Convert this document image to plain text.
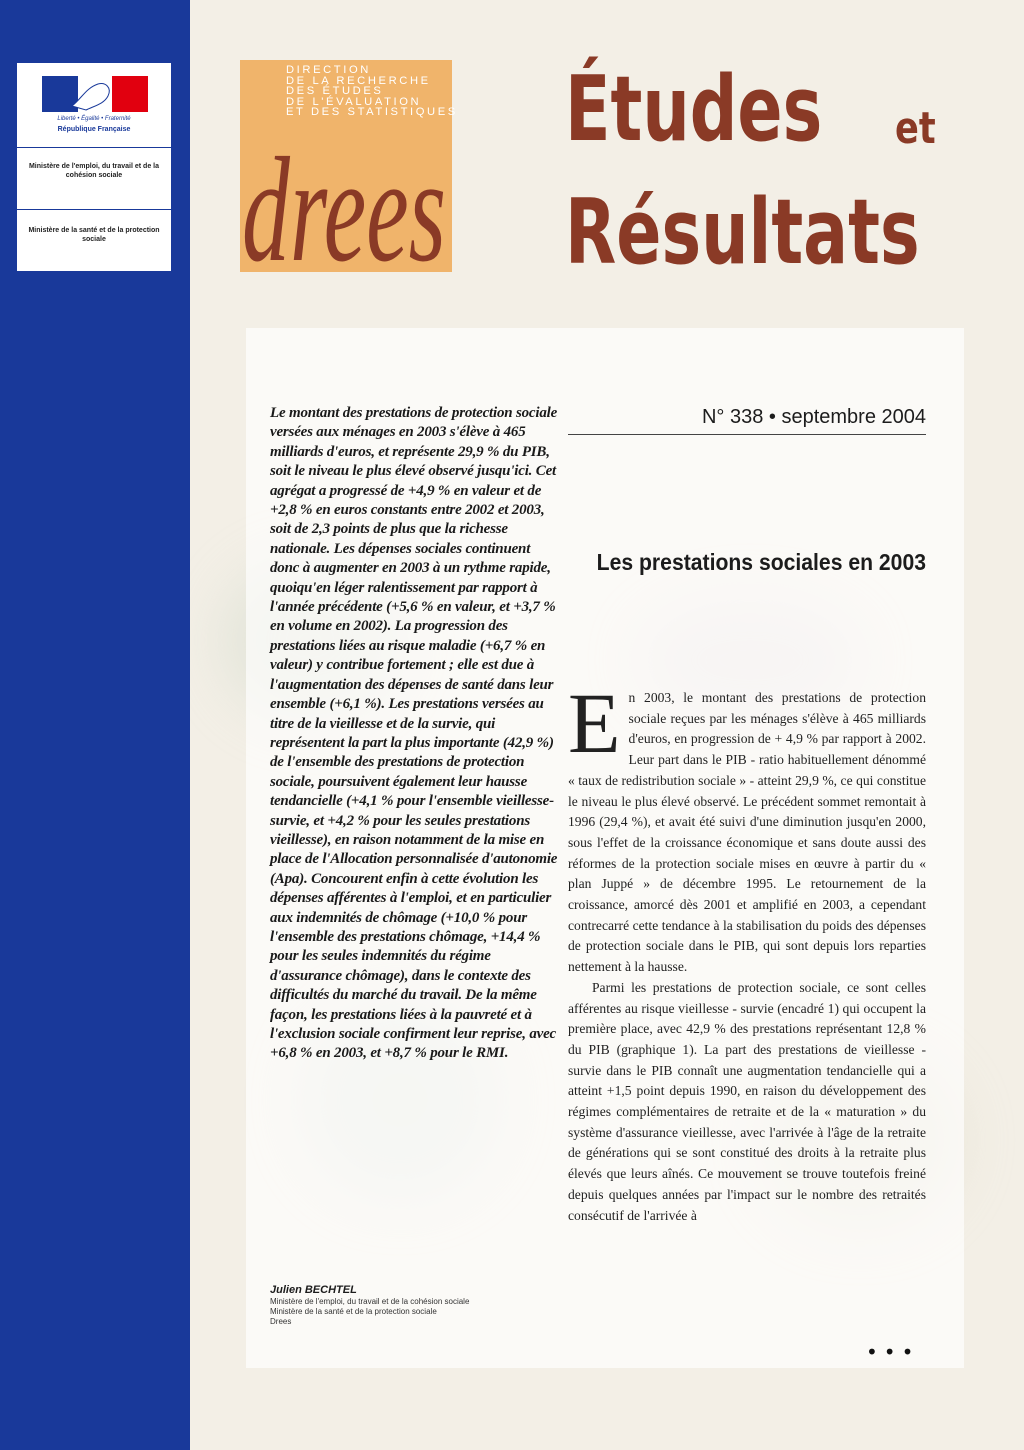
Liberté • Égalité • Fraternité
République Française
Ministère de l'emploi, du travail et de la cohésion sociale
Ministère de la santé et de la protection sociale
DIRECTION
DE LA RECHERCHE
DES ÉTUDES
DE L'ÉVALUATION
ET DES STATISTIQUES
drees
Études et
Résultats
Le montant des prestations de protection sociale versées aux ménages en 2003 s'élève à 465 milliards d'euros, et représente 29,9 % du PIB, soit le niveau le plus élevé observé jusqu'ici. Cet agrégat a progressé de +4,9 % en valeur et de +2,8 % en euros constants entre 2002 et 2003, soit de 2,3 points de plus que la richesse nationale. Les dépenses sociales continuent donc à augmenter en 2003 à un rythme rapide, quoiqu'en léger ralentissement par rapport à l'année précédente (+5,6 % en valeur, et +3,7 % en volume en 2002). La progression des prestations liées au risque maladie (+6,7 % en valeur) y contribue fortement ; elle est due à l'augmentation des dépenses de santé dans leur ensemble (+6,1 %). Les prestations versées au titre de la vieillesse et de la survie, qui représentent la part la plus importante (42,9 %) de l'ensemble des prestations de protection sociale, poursuivent également leur hausse tendancielle (+4,1 % pour l'ensemble vieillesse-survie, et +4,2 % pour les seules prestations vieillesse), en raison notamment de la mise en place de l'Allocation personnalisée d'autonomie (Apa). Concourent enfin à cette évolution les dépenses afférentes à l'emploi, et en particulier aux indemnités de chômage (+10,0 % pour l'ensemble des prestations chômage, +14,4 % pour les seules indemnités du régime d'assurance chômage), dans le contexte des difficultés du marché du travail. De la même façon, les prestations liées à la pauvreté et à l'exclusion sociale confirment leur reprise, avec +6,8 % en 2003, et +8,7 % pour le RMI.
Julien BECHTEL
Ministère de l'emploi, du travail et de la cohésion sociale
Ministère de la santé et de la protection sociale
Drees
N° 338 • septembre 2004
Les prestations sociales en 2003

En 2003, le montant des prestations de protection sociale reçues par les ménages s'élève à 465 milliards d'euros, en progression de + 4,9 % par rapport à 2002. Leur part dans le PIB - ratio habituellement dénommé « taux de redistribution sociale » - atteint 29,9 %, ce qui constitue le niveau le plus élevé observé. Le précédent sommet remontait à 1996 (29,4 %), et avait été suivi d'une diminution jusqu'en 2000, sous l'effet de la croissance économique et sans doute aussi des réformes de la protection sociale mises en œuvre à partir du « plan Juppé » de décembre 1995. Le retournement de la croissance, amorcé dès 2001 et amplifié en 2003, a cependant contrecarré cette tendance à la stabilisation du poids des dépenses de protection sociale dans le PIB, qui sont depuis lors reparties nettement à la hausse.

Parmi les prestations de protection sociale, ce sont celles afférentes au risque vieillesse - survie (encadré 1) qui occupent la première place, avec 42,9 % des prestations représentant 12,8 % du PIB (graphique 1). La part des prestations de vieillesse - survie dans le PIB connaît une augmentation tendancielle qui a atteint +1,5 point depuis 1990, en raison du développement des régimes complémentaires de retraite et de la « maturation » du système d'assurance vieillesse, avec l'arrivée à l'âge de la retraite de générations qui se sont constitué des droits à la retraite plus élevés que leurs aînés. Ce mouvement se trouve toutefois freiné depuis quelques années par l'impact sur le nombre des retraités consécutif de l'arrivée à

•••
